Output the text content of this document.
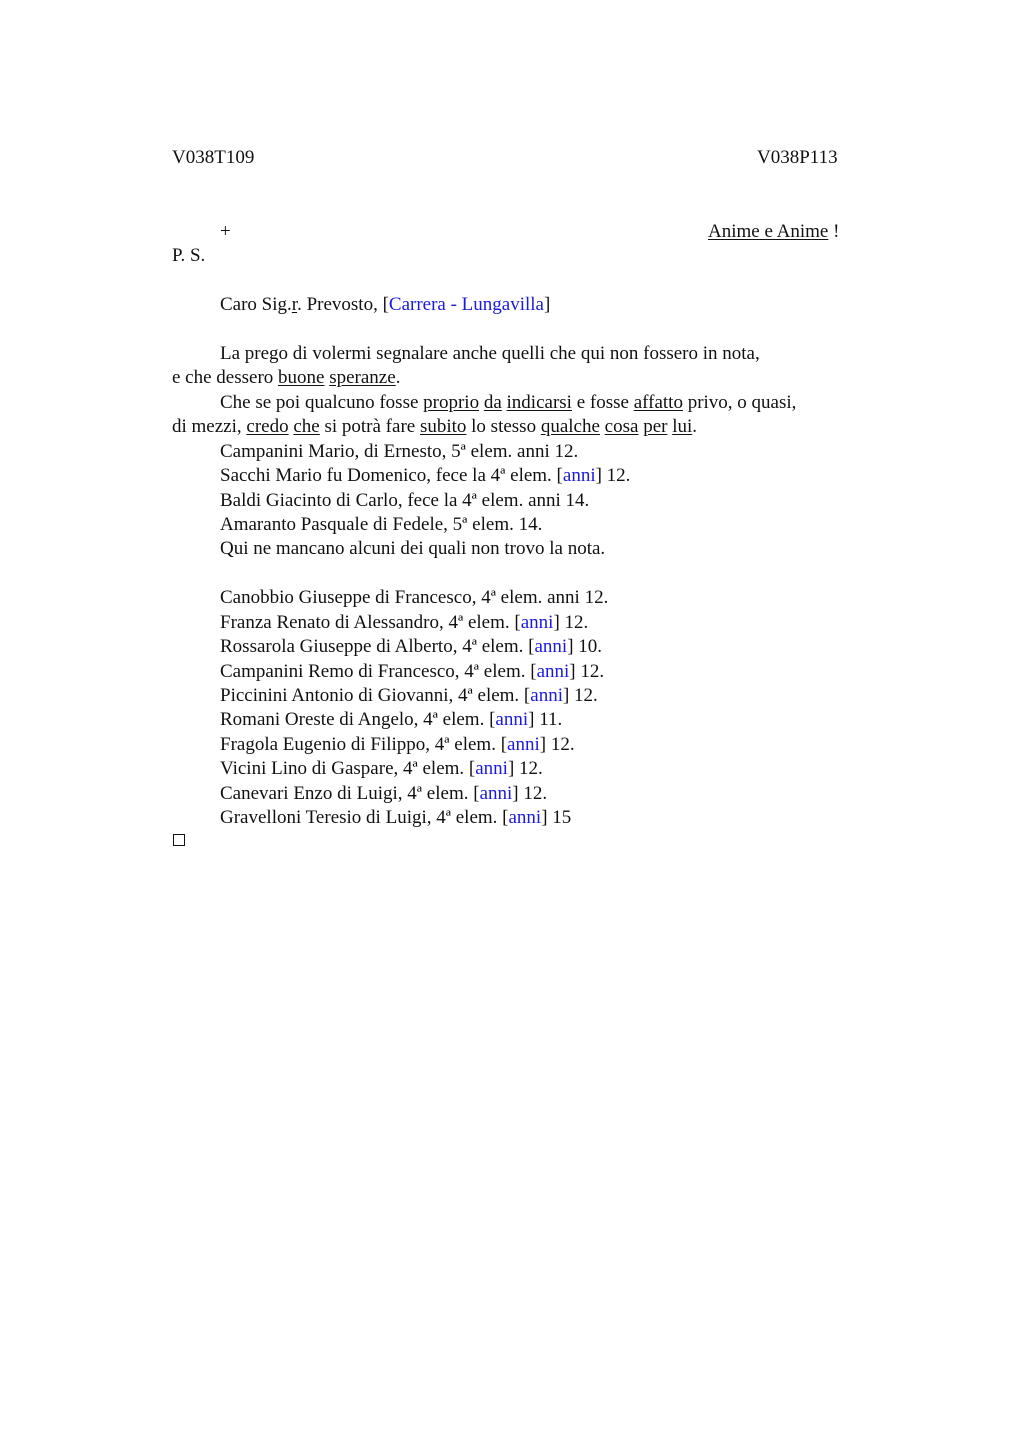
V038T109	V038P113
+	Anime e Anime !
P. S.
Caro Sig.r. Prevosto, [Carrera - Lungavilla]
La prego di volermi segnalare anche quelli che qui non fossero in nota,
e che dessero buone speranze.
Che se poi qualcuno fosse proprio da indicarsi e fosse affatto privo, o quasi,
di mezzi, credo che si potrà fare subito lo stesso qualche cosa per lui.
Campanini Mario, di Ernesto, 5ª elem. anni 12.
Sacchi Mario fu Domenico, fece la 4ª elem. [anni] 12.
Baldi Giacinto di Carlo, fece la 4ª elem. anni 14.
Amaranto Pasquale di Fedele, 5ª elem. 14.
Qui ne mancano alcuni dei quali non trovo la nota.
Canobbio Giuseppe di Francesco, 4ª elem. anni 12.
Franza Renato di Alessandro, 4ª elem. [anni] 12.
Rossarola Giuseppe di Alberto, 4ª elem. [anni] 10.
Campanini Remo di Francesco, 4ª elem. [anni] 12.
Piccinini Antonio di Giovanni, 4ª elem. [anni] 12.
Romani Oreste di Angelo, 4ª elem. [anni] 11.
Fragola Eugenio di Filippo, 4ª elem. [anni] 12.
Vicini Lino di Gaspare, 4ª elem. [anni] 12.
Canevari Enzo di Luigi, 4ª elem. [anni] 12.
Gravelloni Teresio di Luigi, 4ª elem. [anni] 15
